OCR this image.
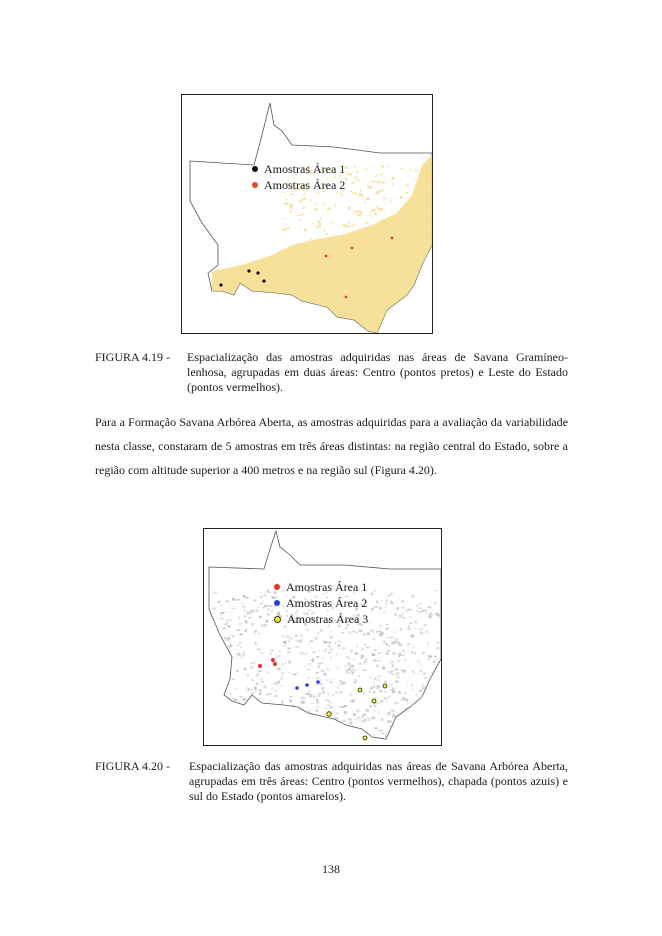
Amostras Área 1
Amostras Área 2
FIGURA 4.19 -	Espacialização das amostras adquiridas nas áreas de Savana Gramíneo-lenhosa, agrupadas em duas áreas: Centro (pontos pretos) e Leste do Estado (pontos vermelhos).
Para a Formação Savana Arbórea Aberta, as amostras adquiridas para a avaliação da variabilidade nesta classe, constaram de 5 amostras em três áreas distintas: na região central do Estado, sobre a região com altitude superior a 400 metros e na região sul (Figura 4.20).
Amostras Área 1
Amostras Área 2
Amostras Área 3
FIGURA 4.20 -	Espacialização das amostras adquiridas nas áreas de Savana Arbórea Aberta, agrupadas em três áreas: Centro (pontos vermelhos), chapada (pontos azuis) e sul do Estado (pontos amarelos).
138
